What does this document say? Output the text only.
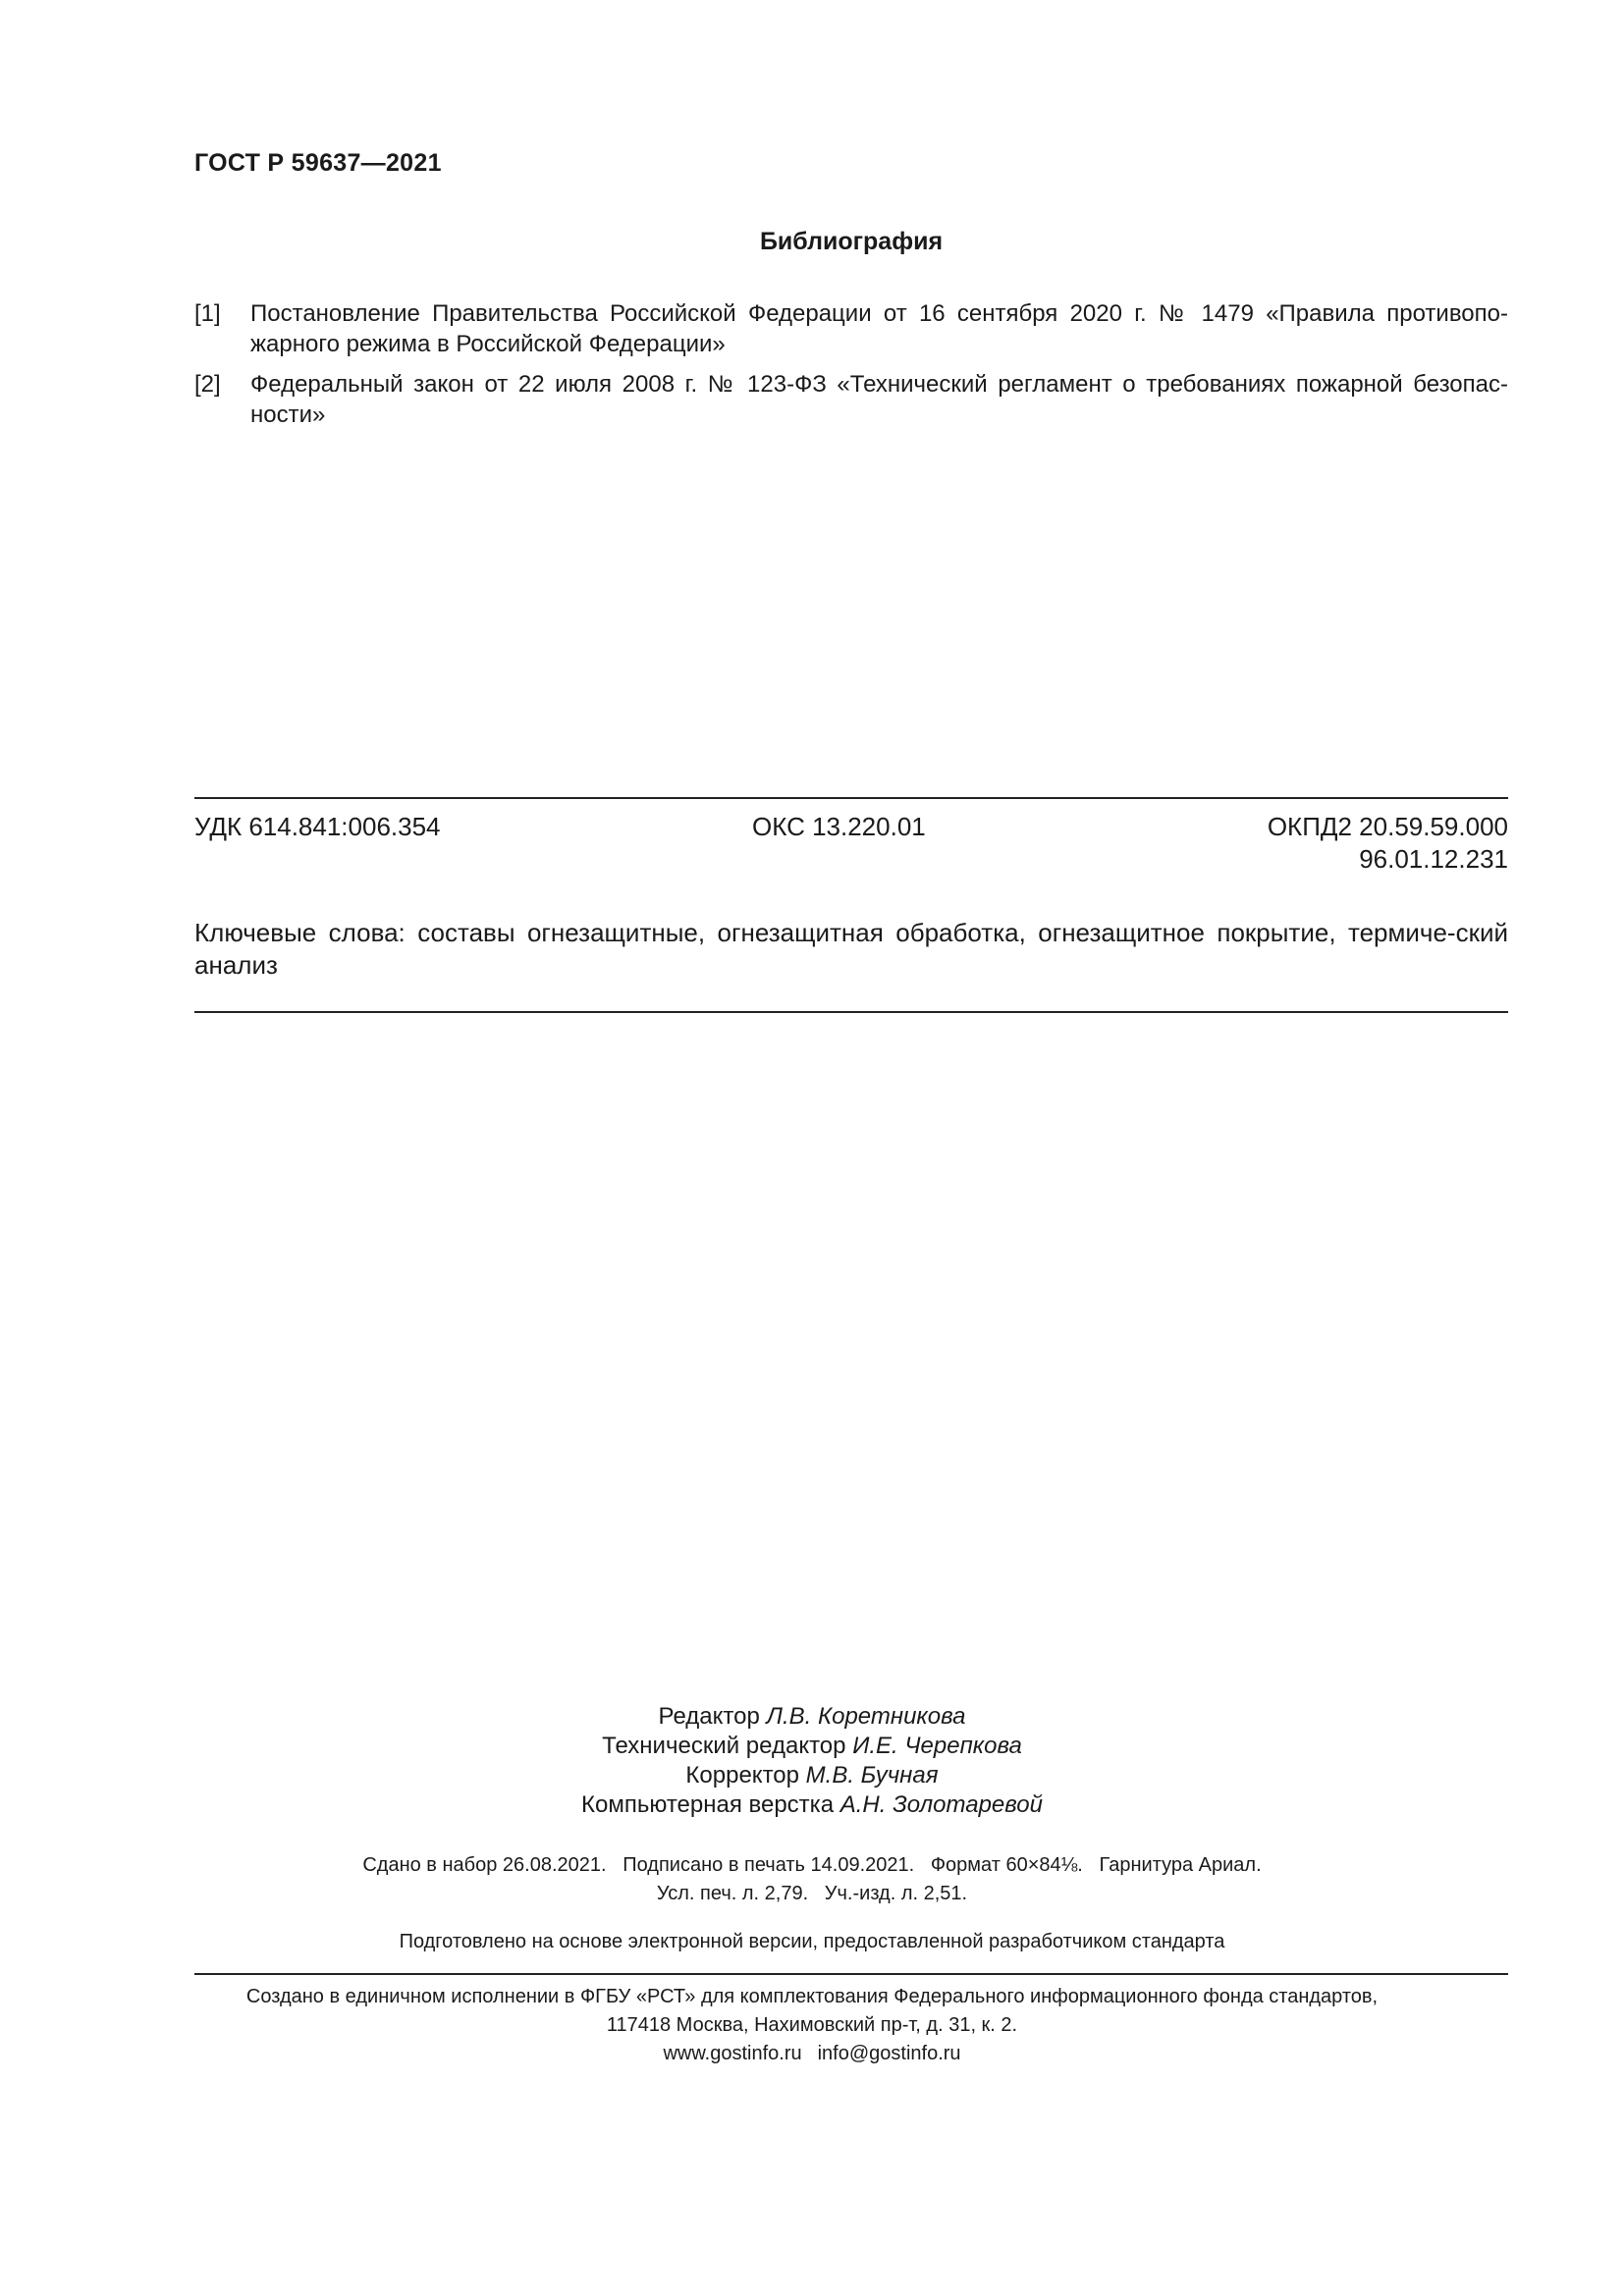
ГОСТ Р 59637—2021
Библиография
[1] Постановление Правительства Российской Федерации от 16 сентября 2020 г. № 1479 «Правила противопо-жарного режима в Российской Федерации»
[2] Федеральный закон от 22 июля 2008 г. № 123-ФЗ «Технический регламент о требованиях пожарной безопас-ности»
УДК 614.841:006.354	ОКС 13.220.01	ОКПД2 20.59.59.000
96.01.12.231
Ключевые слова: составы огнезащитные, огнезащитная обработка, огнезащитное покрытие, термиче-ский анализ
Редактор Л.В. Коретникова
Технический редактор И.Е. Черепкова
Корректор М.В. Бучная
Компьютерная верстка А.Н. Золотаревой
Сдано в набор 26.08.2021.   Подписано в печать 14.09.2021.   Формат 60×84⅛.   Гарнитура Ариал.
Усл. печ. л. 2,79.   Уч.-изд. л. 2,51.
Подготовлено на основе электронной версии, предоставленной разработчиком стандарта
Создано в единичном исполнении в ФГБУ «РСТ» для комплектования Федерального информационного фонда стандартов,
117418 Москва, Нахимовский пр-т, д. 31, к. 2.
www.gostinfo.ru info@gostinfo.ru
